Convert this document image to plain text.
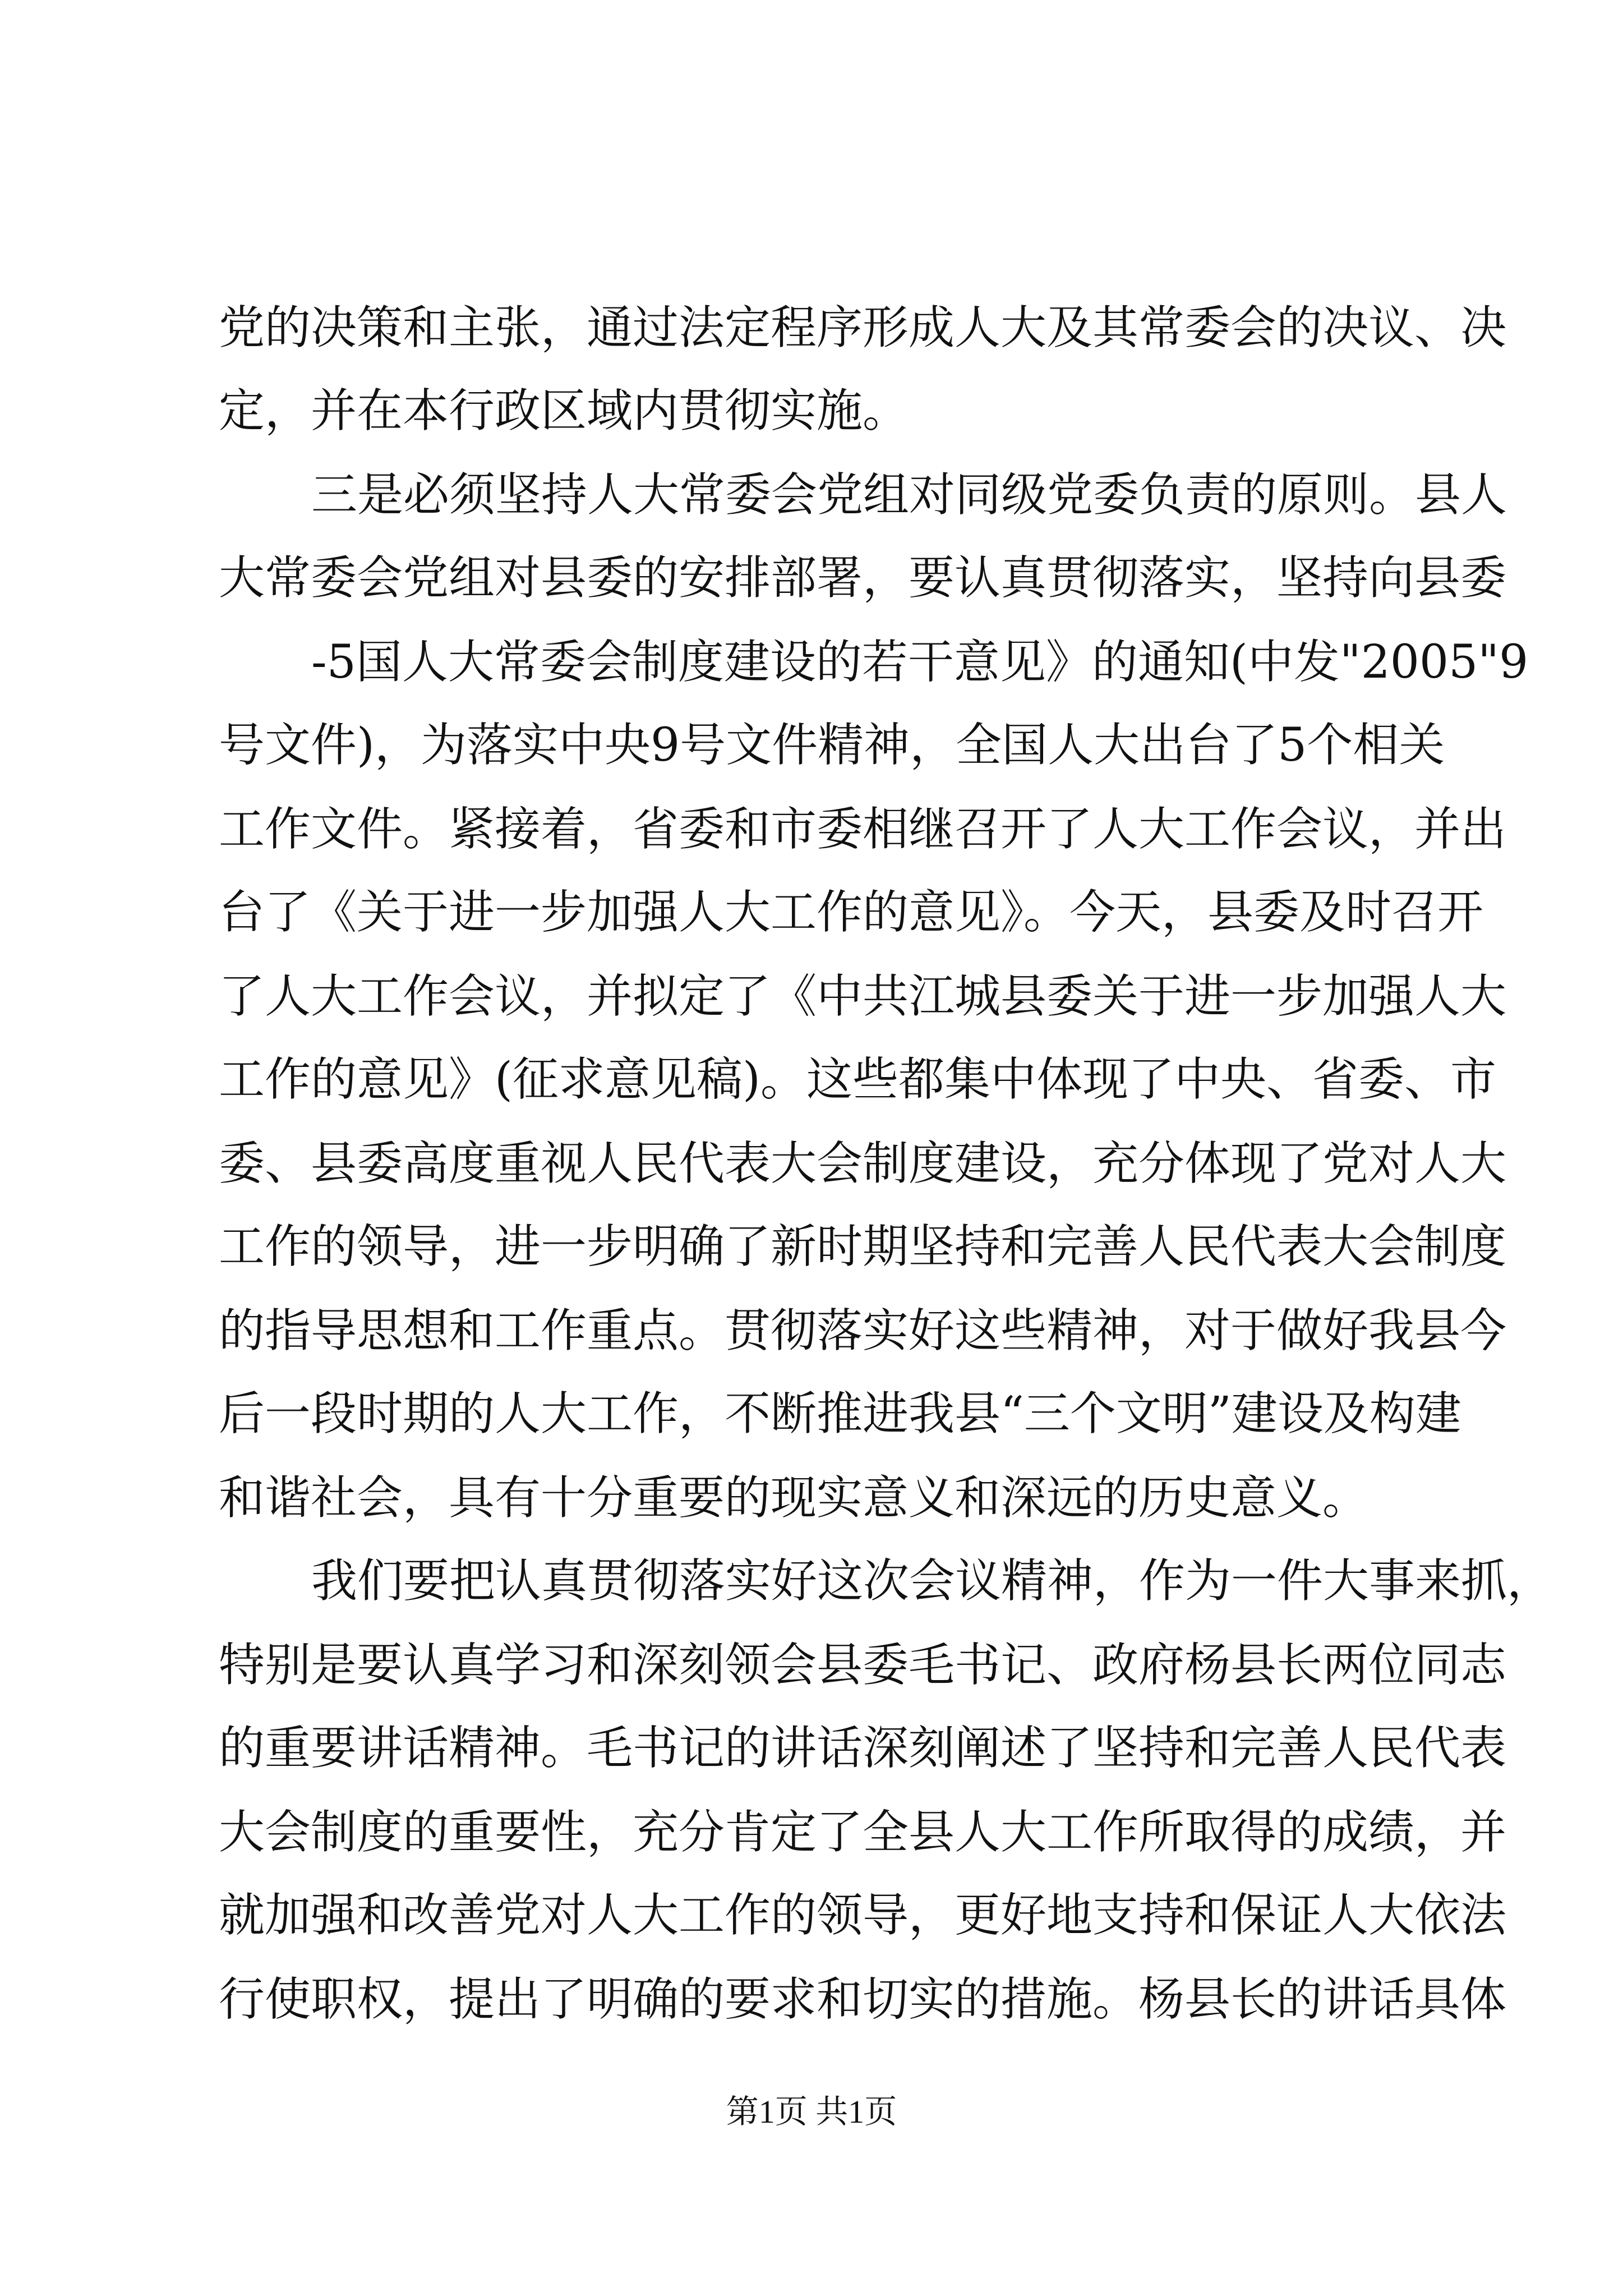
党的决策和主张，通过法定程序形成人大及其常委会的决议、决
定，并在本行政区域内贯彻实施。
三是必须坚持人大常委会党组对同级党委负责的原则。县人
大常委会党组对县委的安排部署，要认真贯彻落实，坚持向县委
-5国人大常委会制度建设的若干意见》的通知(中发"2005"9
号文件)，为落实中央9号文件精神，全国人大出台了5个相关
工作文件。紧接着，省委和市委相继召开了人大工作会议，并出
台了《关于进一步加强人大工作的意见》。今天，县委及时召开
了人大工作会议，并拟定了《中共江城县委关于进一步加强人大
工作的意见》(征求意见稿)。这些都集中体现了中央、省委、市
委、县委高度重视人民代表大会制度建设，充分体现了党对人大
工作的领导，进一步明确了新时期坚持和完善人民代表大会制度
的指导思想和工作重点。贯彻落实好这些精神，对于做好我县今
后一段时期的人大工作，不断推进我县“三个文明”建设及构建
和谐社会，具有十分重要的现实意义和深远的历史意义。
我们要把认真贯彻落实好这次会议精神，作为一件大事来抓，
特别是要认真学习和深刻领会县委毛书记、政府杨县长两位同志
的重要讲话精神。毛书记的讲话深刻阐述了坚持和完善人民代表
大会制度的重要性，充分肯定了全县人大工作所取得的成绩，并
就加强和改善党对人大工作的领导，更好地支持和保证人大依法
行使职权，提出了明确的要求和切实的措施。杨县长的讲话具体
第1页 共1页
